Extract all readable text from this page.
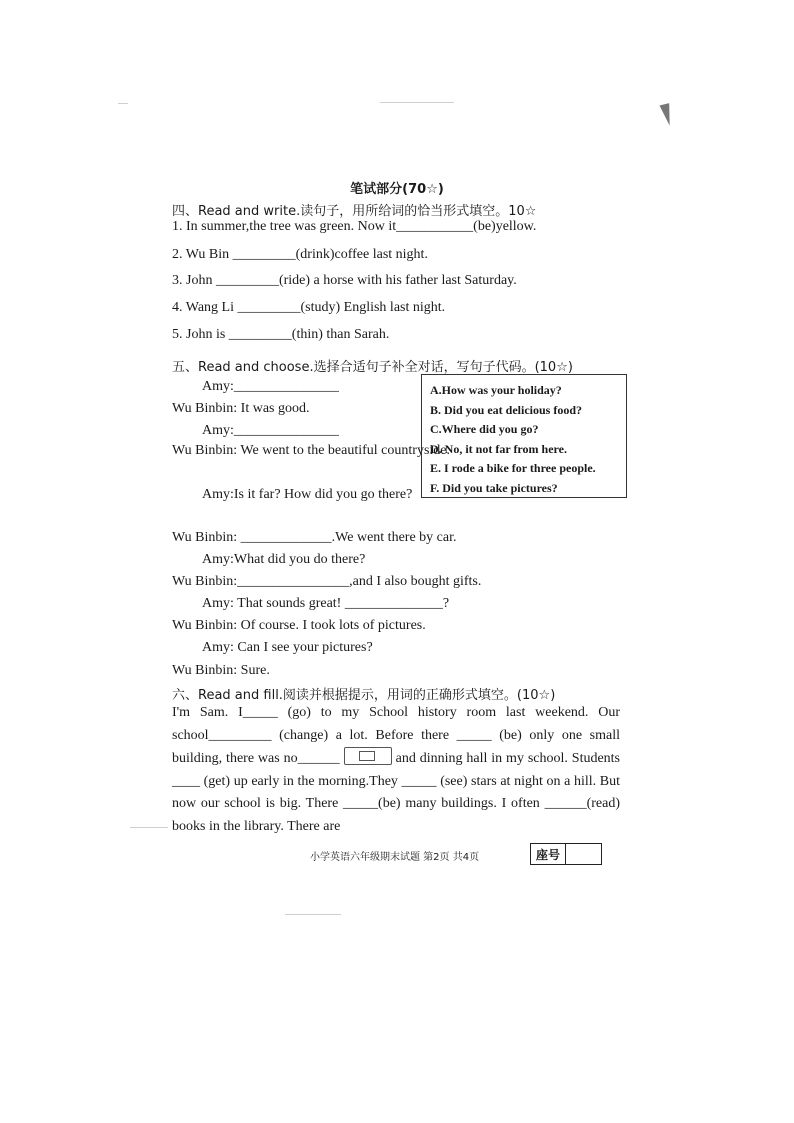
笔试部分(70☆)
四、Read and write.读句子，用所给词的恰当形式填空。10☆
1. In summer,the tree was green. Now it___________(be)yellow.
2. Wu Bin _________(drink)coffee last night.
3. John _________(ride) a horse with his father last Saturday.
4. Wang Li _________(study) English last night.
5. John is _________(thin) than Sarah.
五、Read and choose.选择合适句子补全对话，写句子代码。(10☆)
Amy:_______________
Wu Binbin: It was good.
Amy:_______________
Wu Binbin: We went to the beautiful countryside.
Amy:Is it far? How did you go there?
Wu Binbin: _____________.We went there by car.
Amy:What did you do there?
Wu Binbin:________________,and I also bought gifts.
Amy: That sounds great! ______________?
Wu Binbin: Of course. I took lots of pictures.
Amy: Can I see your pictures?
Wu Binbin: Sure.
A.How was your holiday?
B. Did you eat delicious food?
C.Where did you go?
D. No, it not far from here.
E. I rode a bike for three people.
F. Did you take pictures?
六、Read and fill.阅读并根据提示，用词的正确形式填空。(10☆)
I'm Sam. I_____ (go) to my School history room last weekend. Our school_________ (change) a lot. Before there _____ (be) only one small building, there was no______	and dinning hall in my school. Students ____ (get) up early in the morning.They _____ (see) stars at night on a hill. But now our school is big. There _____(be) many buildings. I often ______(read) books in the library. There are
小学英语六年级期末试题 第2页 共4页	座号
